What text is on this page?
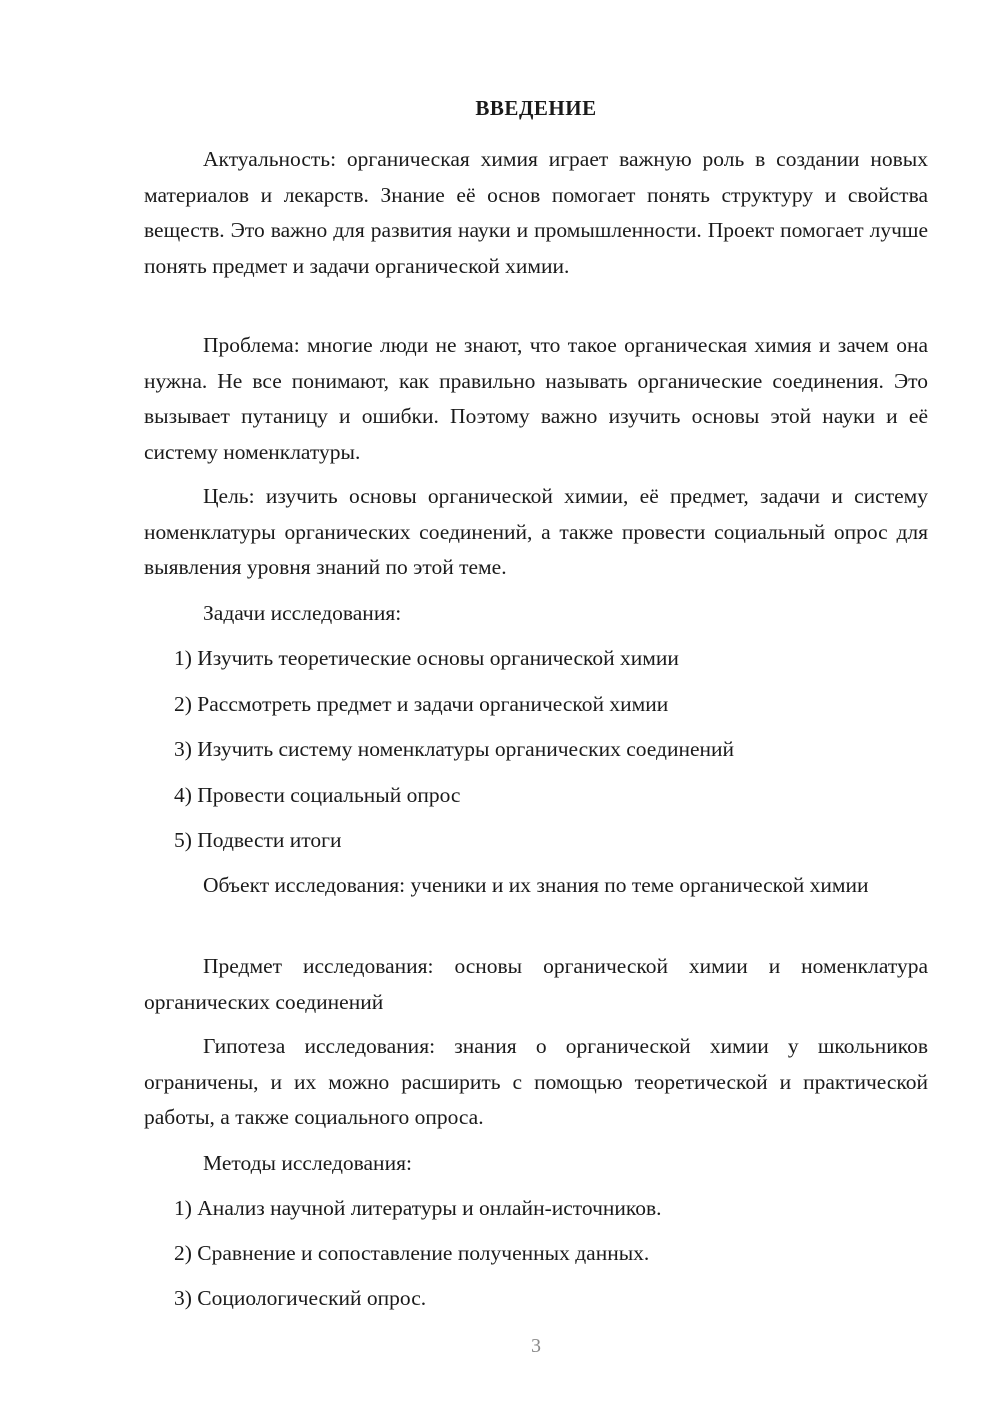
ВВЕДЕНИЕ

Актуальность: органическая химия играет важную роль в создании новых материалов и лекарств. Знание её основ помогает понять структуру и свойства веществ. Это важно для развития науки и промышленности. Проект помогает лучше понять предмет и задачи органической химии.

Проблема: многие люди не знают, что такое органическая химия и зачем она нужна. Не все понимают, как правильно называть органические соединения. Это вызывает путаницу и ошибки. Поэтому важно изучить основы этой науки и её систему номенклатуры.

Цель: изучить основы органической химии, её предмет, задачи и систему номенклатуры органических соединений, а также провести социальный опрос для выявления уровня знаний по этой теме.

Задачи исследования:

1) Изучить теоретические основы органической химии

2) Рассмотреть предмет и задачи органической химии

3) Изучить систему номенклатуры органических соединений

4) Провести социальный опрос

5) Подвести итоги

Объект исследования: ученики и их знания по теме органической химии

Предмет исследования: основы органической химии и номенклатура органических соединений

Гипотеза исследования: знания о органической химии у школьников ограничены, и их можно расширить с помощью теоретической и практической работы, а также социального опроса.

Методы исследования:

1) Анализ научной литературы и онлайн-источников.

2) Сравнение и сопоставление полученных данных.

3) Социологический опрос.

3
